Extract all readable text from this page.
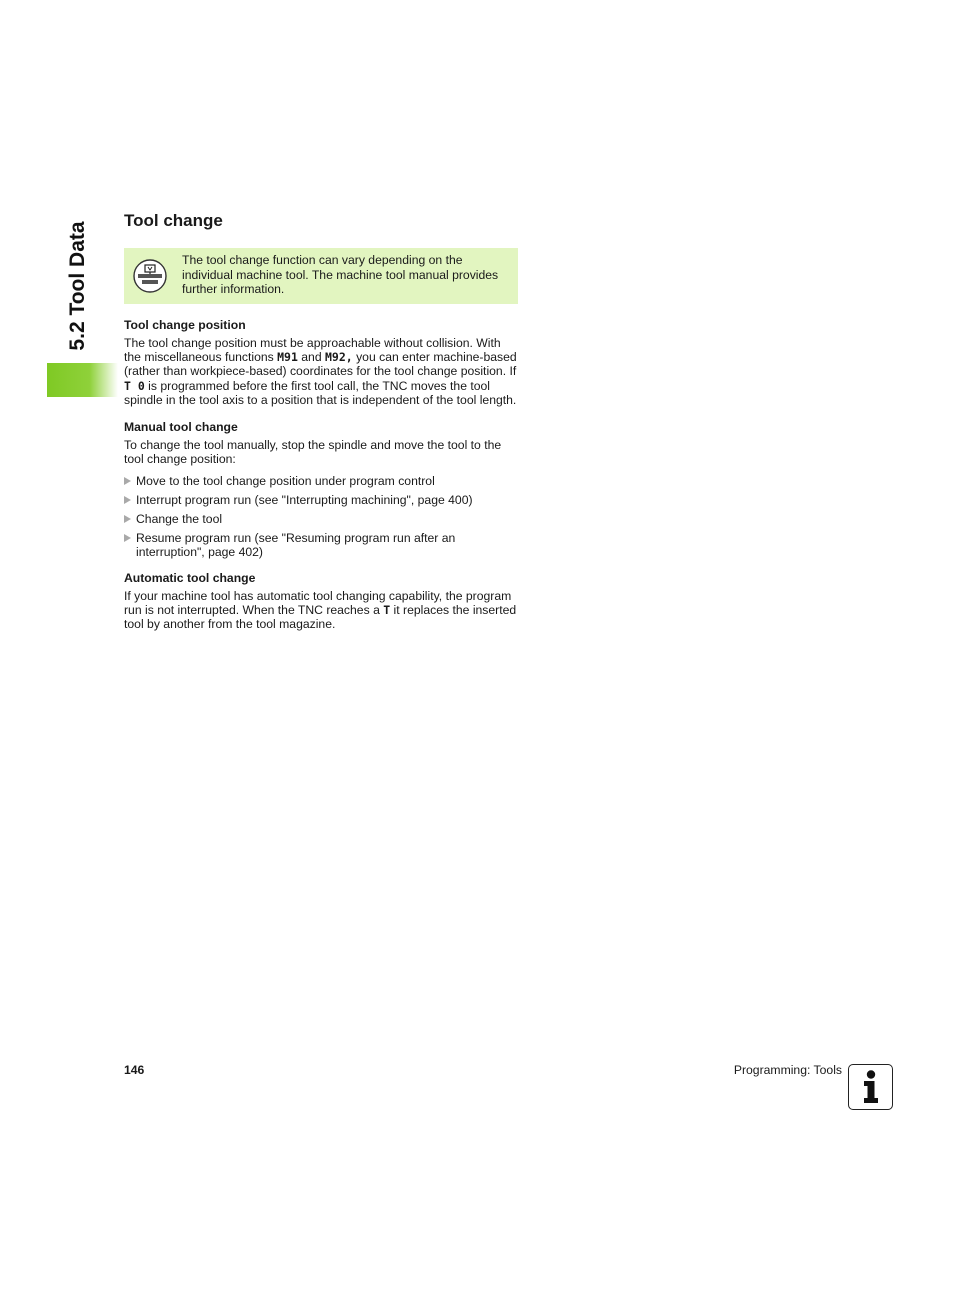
5.2 Tool Data
Tool change
The tool change function can vary depending on the individual machine tool. The machine tool manual provides further information.
Tool change position

The tool change position must be approachable without collision. With the miscellaneous functions M91 and M92, you can enter machine-based (rather than workpiece-based) coordinates for the tool change position. If T 0 is programmed before the first tool call, the TNC moves the tool spindle in the tool axis to a position that is independent of the tool length.

Manual tool change

To change the tool manually, stop the spindle and move the tool to the tool change position:

Move to the tool change position under program control
Interrupt program run (see "Interrupting machining", page 400)
Change the tool
Resume program run (see "Resuming program run after an interruption", page 402)
Automatic tool change

If your machine tool has automatic tool changing capability, the program run is not interrupted. When the TNC reaches a T it replaces the inserted tool by another from the tool magazine.

146	Programming: Tools
